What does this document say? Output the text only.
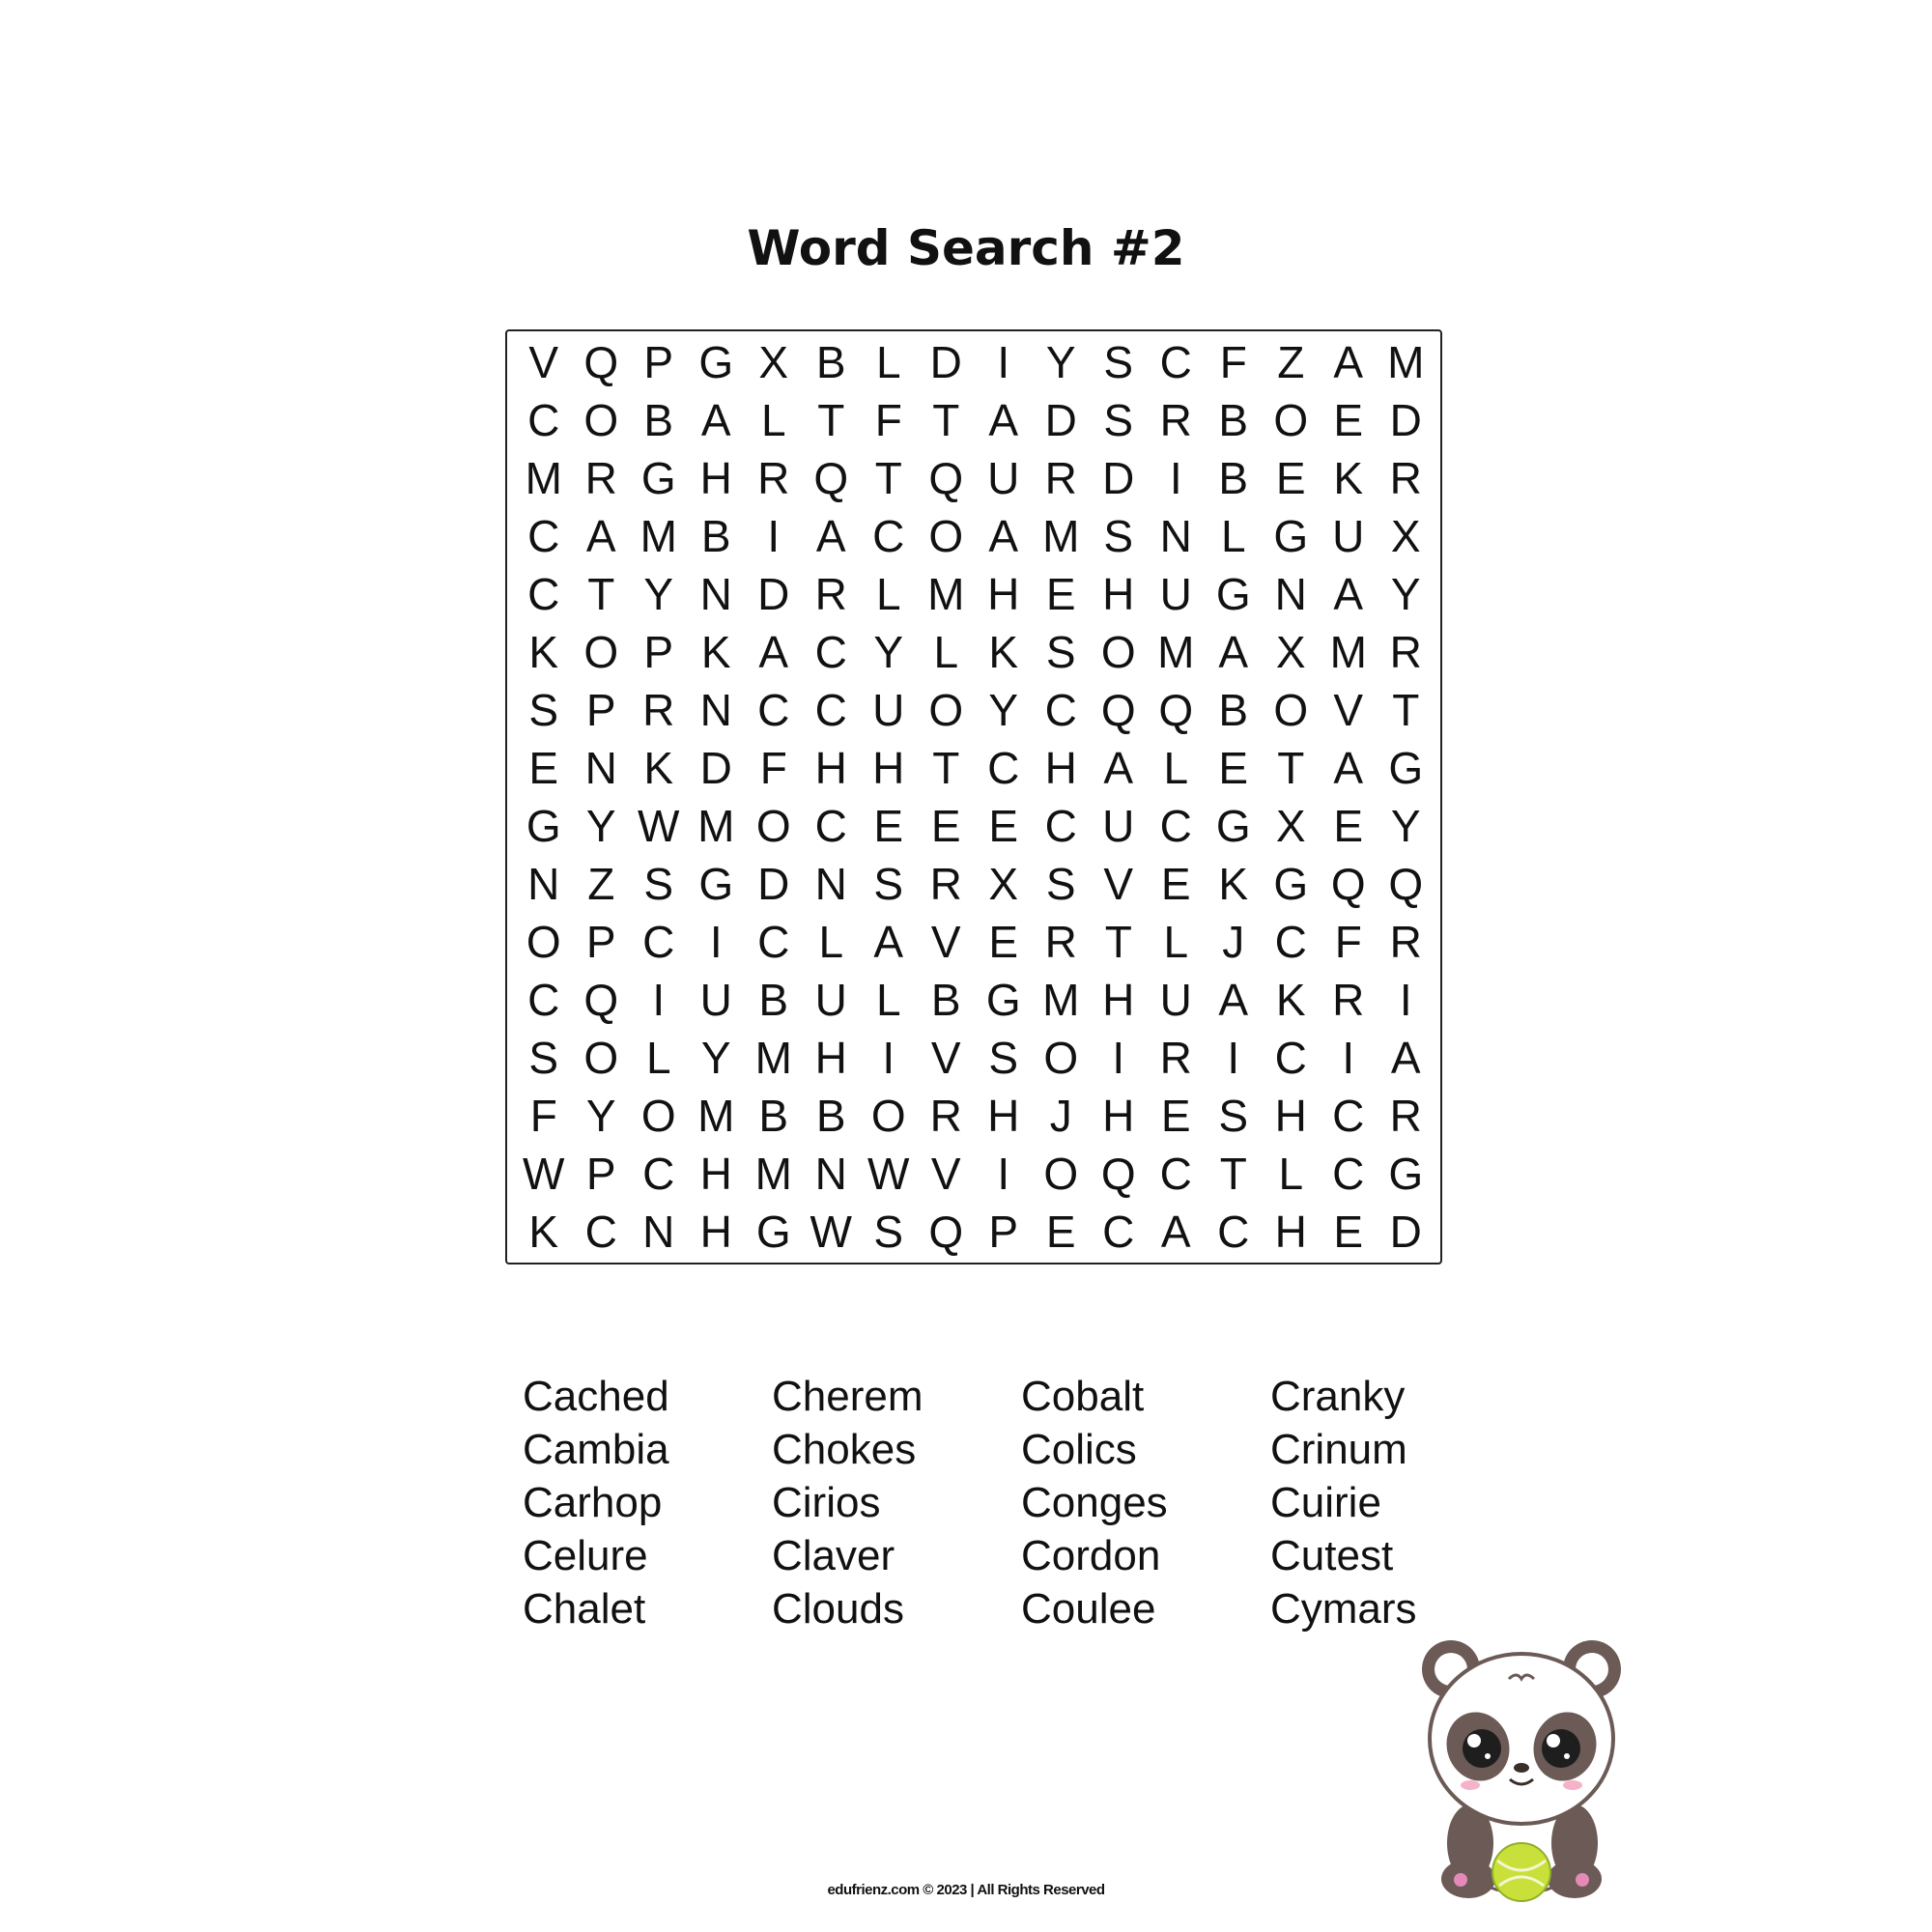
Word Search #2
V Q P G X B L D I Y S C F Z A M
C O B A L T F T A D S R B O E D
M R G H R Q T Q U R D I B E K R
C A M B I A C O A M S N L G U X
C T Y N D R L M H E H U G N A Y
K O P K A C Y L K S O M A X M R
S P R N C C U O Y C Q Q B O V T
E N K D F H H T C H A L E T A G
G Y W M O C E E E C U C G X E Y
N Z S G D N S R X S V E K G Q Q
O P C I C L A V E R T L J C F R
C Q I U B U L B G M H U A K R I
S O L Y M H I V S O I R I C I A
F Y O M B B O R H J H E S H C R
W P C H M N W V I O Q C T L C G
K C N H G W S Q P E C A C H E D
Cached
Cambia
Carhop
Celure
Chalet
Cherem
Chokes
Cirios
Claver
Clouds
Cobalt
Colics
Conges
Cordon
Coulee
Cranky
Crinum
Cuirie
Cutest
Cymars
edufrienz.com © 2023 | All Rights Reserved
